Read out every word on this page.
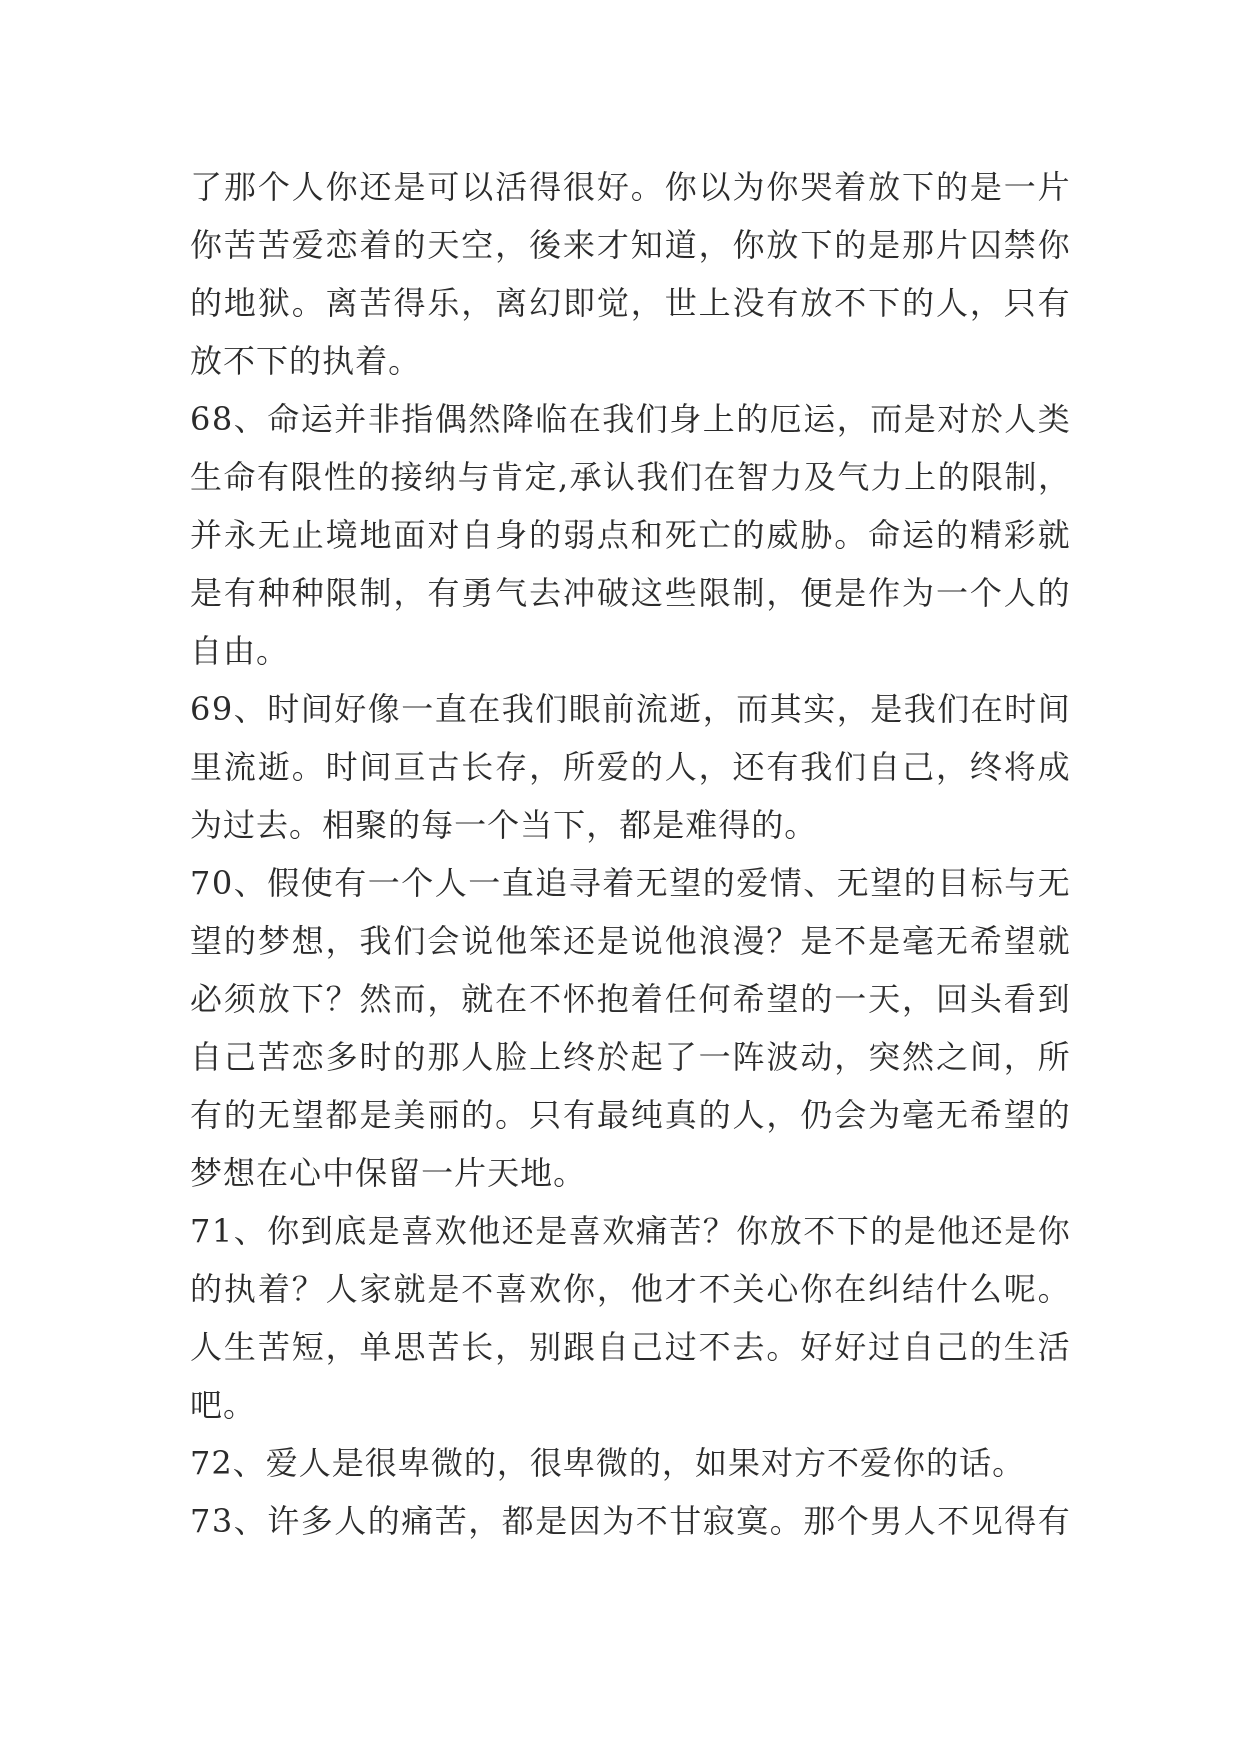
了 那 个 人 你 还 是 可 以 活 得 很 好 。 你 以 为 你 哭 着 放 下 的 是 一 片
你 苦 苦 爱 恋 着 的 天 空 ， 後 来 才 知 道 ， 你 放 下 的 是 那 片 囚 禁 你
的 地 狱 。 离 苦 得 乐 ， 离 幻 即 觉 ， 世 上 没 有 放 不 下 的 人 ， 只 有
放 不 下 的 执 着 。
6 8 、 命 运 并 非 指 偶 然 降 临 在 我 们 身 上 的 厄 运 ， 而 是 对 於 人 类
生 命 有 限 性 的 接 纳 与 肯 定 , 承 认 我 们 在 智 力 及 气 力 上 的 限 制 ，
并 永 无 止 境 地 面 对 自 身 的 弱 点 和 死 亡 的 威 胁 。 命 运 的 精 彩 就
是 有 种 种 限 制 ， 有 勇 气 去 冲 破 这 些 限 制 ， 便 是 作 为 一 个 人 的
自 由 。
6 9 、 时 间 好 像 一 直 在 我 们 眼 前 流 逝 ， 而 其 实 ， 是 我 们 在 时 间
里 流 逝 。 时 间 亘 古 长 存 ， 所 爱 的 人 ， 还 有 我 们 自 己 ， 终 将 成
为 过 去 。 相 聚 的 每 一 个 当 下 ， 都 是 难 得 的 。
7 0 、 假 使 有 一 个 人 一 直 追 寻 着 无 望 的 爱 情 、 无 望 的 目 标 与 无
望 的 梦 想 ， 我 们 会 说 他 笨 还 是 说 他 浪 漫 ？ 是 不 是 毫 无 希 望 就
必 须 放 下 ？ 然 而 ， 就 在 不 怀 抱 着 任 何 希 望 的 一 天 ， 回 头 看 到
自 己 苦 恋 多 时 的 那 人 脸 上 终 於 起 了 一 阵 波 动 ， 突 然 之 间 ， 所
有 的 无 望 都 是 美 丽 的 。 只 有 最 纯 真 的 人 ， 仍 会 为 毫 无 希 望 的
梦 想 在 心 中 保 留 一 片 天 地 。
7 1 、 你 到 底 是 喜 欢 他 还 是 喜 欢 痛 苦 ？ 你 放 不 下 的 是 他 还 是 你
的 执 着 ？ 人 家 就 是 不 喜 欢 你 ， 他 才 不 关 心 你 在 纠 结 什 么 呢 。
人 生 苦 短 ， 单 思 苦 长 ， 别 跟 自 己 过 不 去 。 好 好 过 自 己 的 生 活
吧 。
7 2 、 爱 人 是 很 卑 微 的 ， 很 卑 微 的 ， 如 果 对 方 不 爱 你 的 话 。
7 3 、 许 多 人 的 痛 苦 ， 都 是 因 为 不 甘 寂 寞 。 那 个 男 人 不 见 得 有
